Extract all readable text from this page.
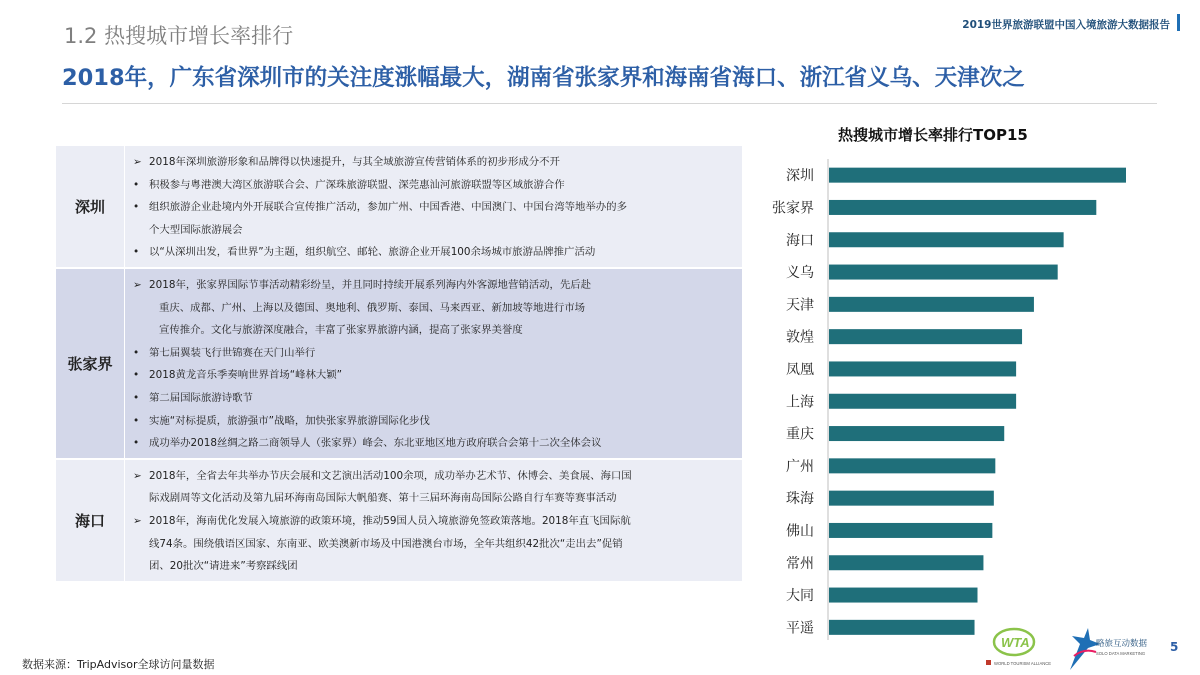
1.2 热搜城市增长率排行	2019世界旅游联盟中国入境旅游大数据报告
2018年，广东省深圳市的关注度涨幅最大，湖南省张家界和海南省海口、浙江省义乌、天津次之
深圳
➢ 2018年深圳旅游形象和品牌得以快速提升，与其全域旅游宣传营销体系的初步形成分不开
• 积极参与粤港澳大湾区旅游联合会、广深珠旅游联盟、深莞惠汕河旅游联盟等区域旅游合作
• 组织旅游企业赴境内外开展联合宣传推广活动，参加广州、中国香港、中国澳门、中国台湾等地举办的多
个大型国际旅游展会
• 以“从深圳出发，看世界”为主题，组织航空、邮轮、旅游企业开展100余场城市旅游品牌推广活动
张家界
➢ 2018年，张家界国际节事活动精彩纷呈，并且同时持续开展系列海内外客源地营销活动，先后赴
重庆、成都、广州、上海以及德国、奥地利、俄罗斯、泰国、马来西亚、新加坡等地进行市场
宣传推介。文化与旅游深度融合，丰富了张家界旅游内涵，提高了张家界美誉度
• 第七届翼装飞行世锦赛在天门山举行
• 2018黄龙音乐季奏响世界首场“峰林大颖”
• 第二届国际旅游诗歌节
• 实施“对标提质，旅游强市”战略，加快张家界旅游国际化步伐
• 成功举办2018丝绸之路二商领导人（张家界）峰会、东北亚地区地方政府联合会第十二次全体会议
海口
➢ 2018年，全省去年共举办节庆会展和文艺演出活动100余项，成功举办艺术节、休博会、美食展、海口国
际戏剧周等文化活动及第九届环海南岛国际大帆船赛、第十三届环海南岛国际公路自行车赛等赛事活动
➢ 2018年，海南优化发展入境旅游的政策环境，推动59国人员入境旅游免签政策落地。2018年直飞国际航
线74条。围绕俄语区国家、东南亚、欧美澳新市场及中国港澳台市场，全年共组织42批次“走出去”促销
团、20批次“请进来”考察踩线团
热搜城市增长率排行TOP15
深圳
张家界
海口
义乌
天津
敦煌
凤凰
上海
重庆
广州
珠海
佛山
常州
大同
平遥
数据来源：TripAdvisor全球访问量数据
WTA
WORLD TOURISM ALLIANCE
略旅互动数据
SOLO DATA MARKETING 5
